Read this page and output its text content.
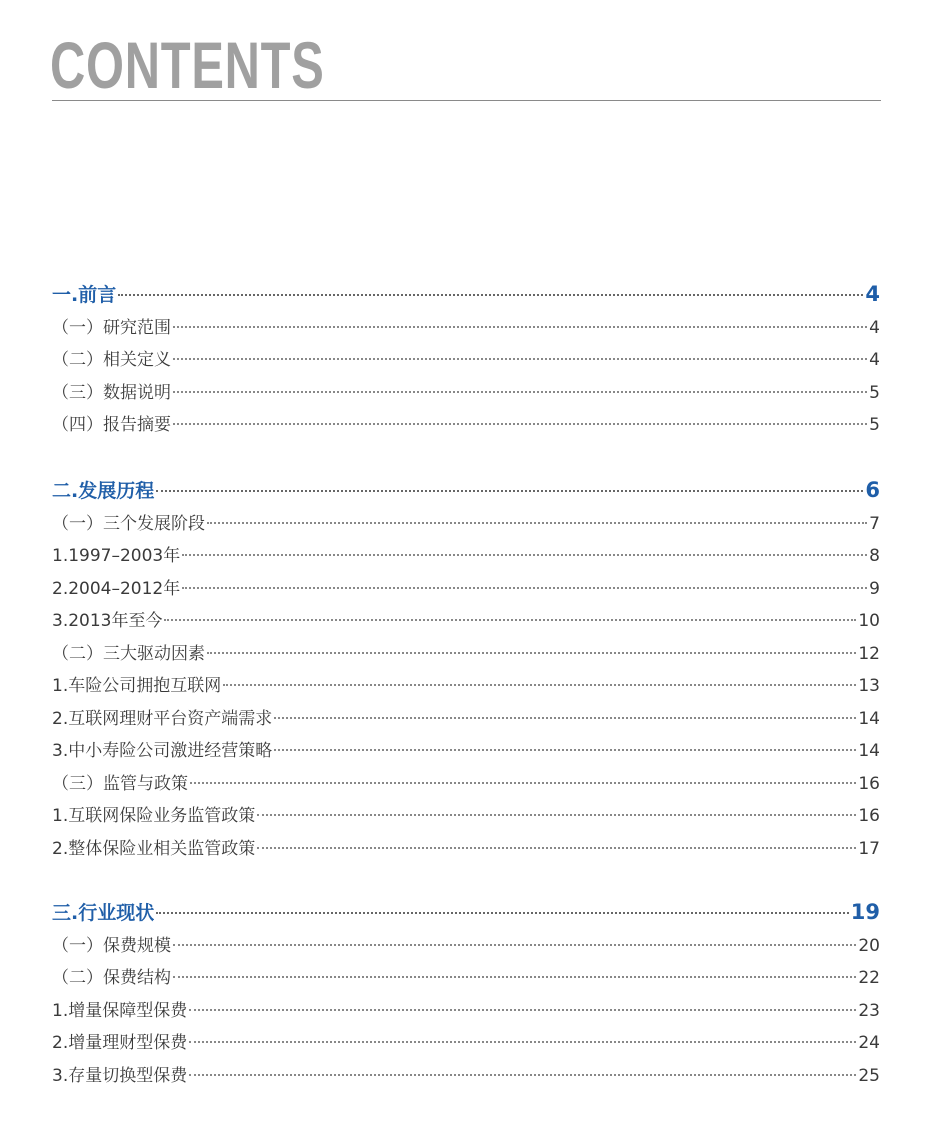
CONTENTS
一.前言	4
（一）研究范围	4
（二）相关定义	4
（三）数据说明	5
（四）报告摘要	5
二.发展历程	6
（一）三个发展阶段	7
1.1997–2003年	8
2.2004–2012年	9
3.2013年至今	10
（二）三大驱动因素	12
1.车险公司拥抱互联网	13
2.互联网理财平台资产端需求	14
3.中小寿险公司激进经营策略	14
（三）监管与政策	16
1.互联网保险业务监管政策	16
2.整体保险业相关监管政策	17
三.行业现状	19
（一）保费规模	20
（二）保费结构	22
1.增量保障型保费	23
2.增量理财型保费	24
3.存量切换型保费	25
